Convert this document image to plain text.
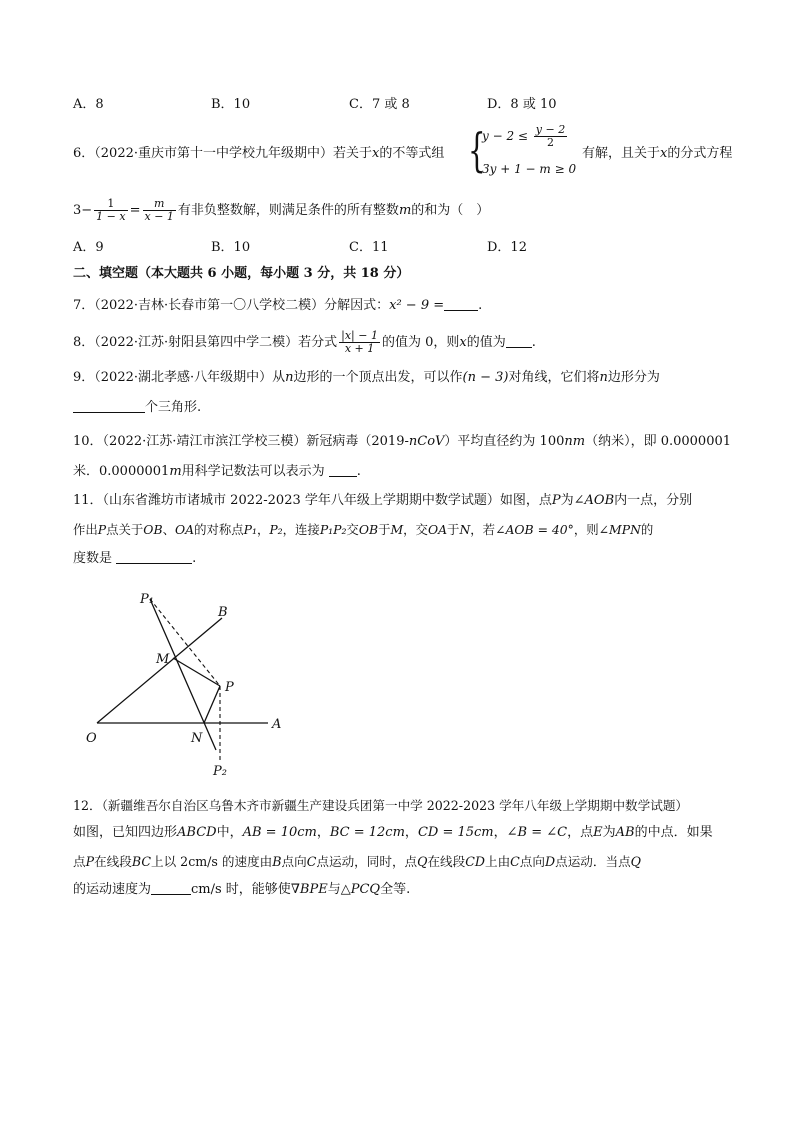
A．8	B．10	C．7 或 8	D．8 或 10
6．（2022·重庆市第十一中学校九年级期中）若关于x的不等式组 {
$y - 2 \le \frac{y - 2}{2}$
3y + 1 − m ≥ 0
有解，且关于x的分式方程
$3- \frac{1}{1 - x} = \frac{m}{x - 1}$ 有非负整数解，则满足条件的所有整数m的和为（　）
A．9	B．10	C．11	D．12
二、填空题（本大题共 6 小题，每小题 3 分，共 18 分）
7．（2022·吉林·长春市第一〇八学校二模）分解因式：x² − 9 =	.
8．（2022·江苏·射阳县第四中学二模）若分式 $\frac{|x| - 1}{x + 1}$ 的值为 0，则x的值为 .
9．（2022·湖北孝感·八年级期中）从n边形的一个顶点出发，可以作(n − 3)对角线，它们将n边形分为
个三角形.
10．（2022·江苏·靖江市滨江学校三模）新冠病毒（2019-nCoV）平均直径约为 100nm（纳米），即 0.0000001
米．0.0000001m用科学记数法可以表示为 .
11．（山东省潍坊市诸城市 2022-2023 学年八年级上学期期中数学试题）如图，点P为∠AOB内一点，分别
作出P点关于OB、OA的对称点P₁，P₂，连接P₁P₂交OB于M，交OA于N，若∠AOB = 40°，则∠MPN的
度数是	.
P₁
B
M
P
O	N
A
P₂
12．（新疆维吾尔自治区乌鲁木齐市新疆生产建设兵团第一中学 2022-2023 学年八年级上学期期中数学试题）
如图，已知四边形ABCD中，AB = 10cm，BC = 12cm，CD = 15cm，∠B = ∠C，点E为AB的中点．如果
点P在线段BC上以 2cm/s 的速度由B点向C点运动，同时，点Q在线段CD上由C点向D点运动．当点Q
的运动速度为	cm/s 时，能够使∇BPE与△PCQ全等.
